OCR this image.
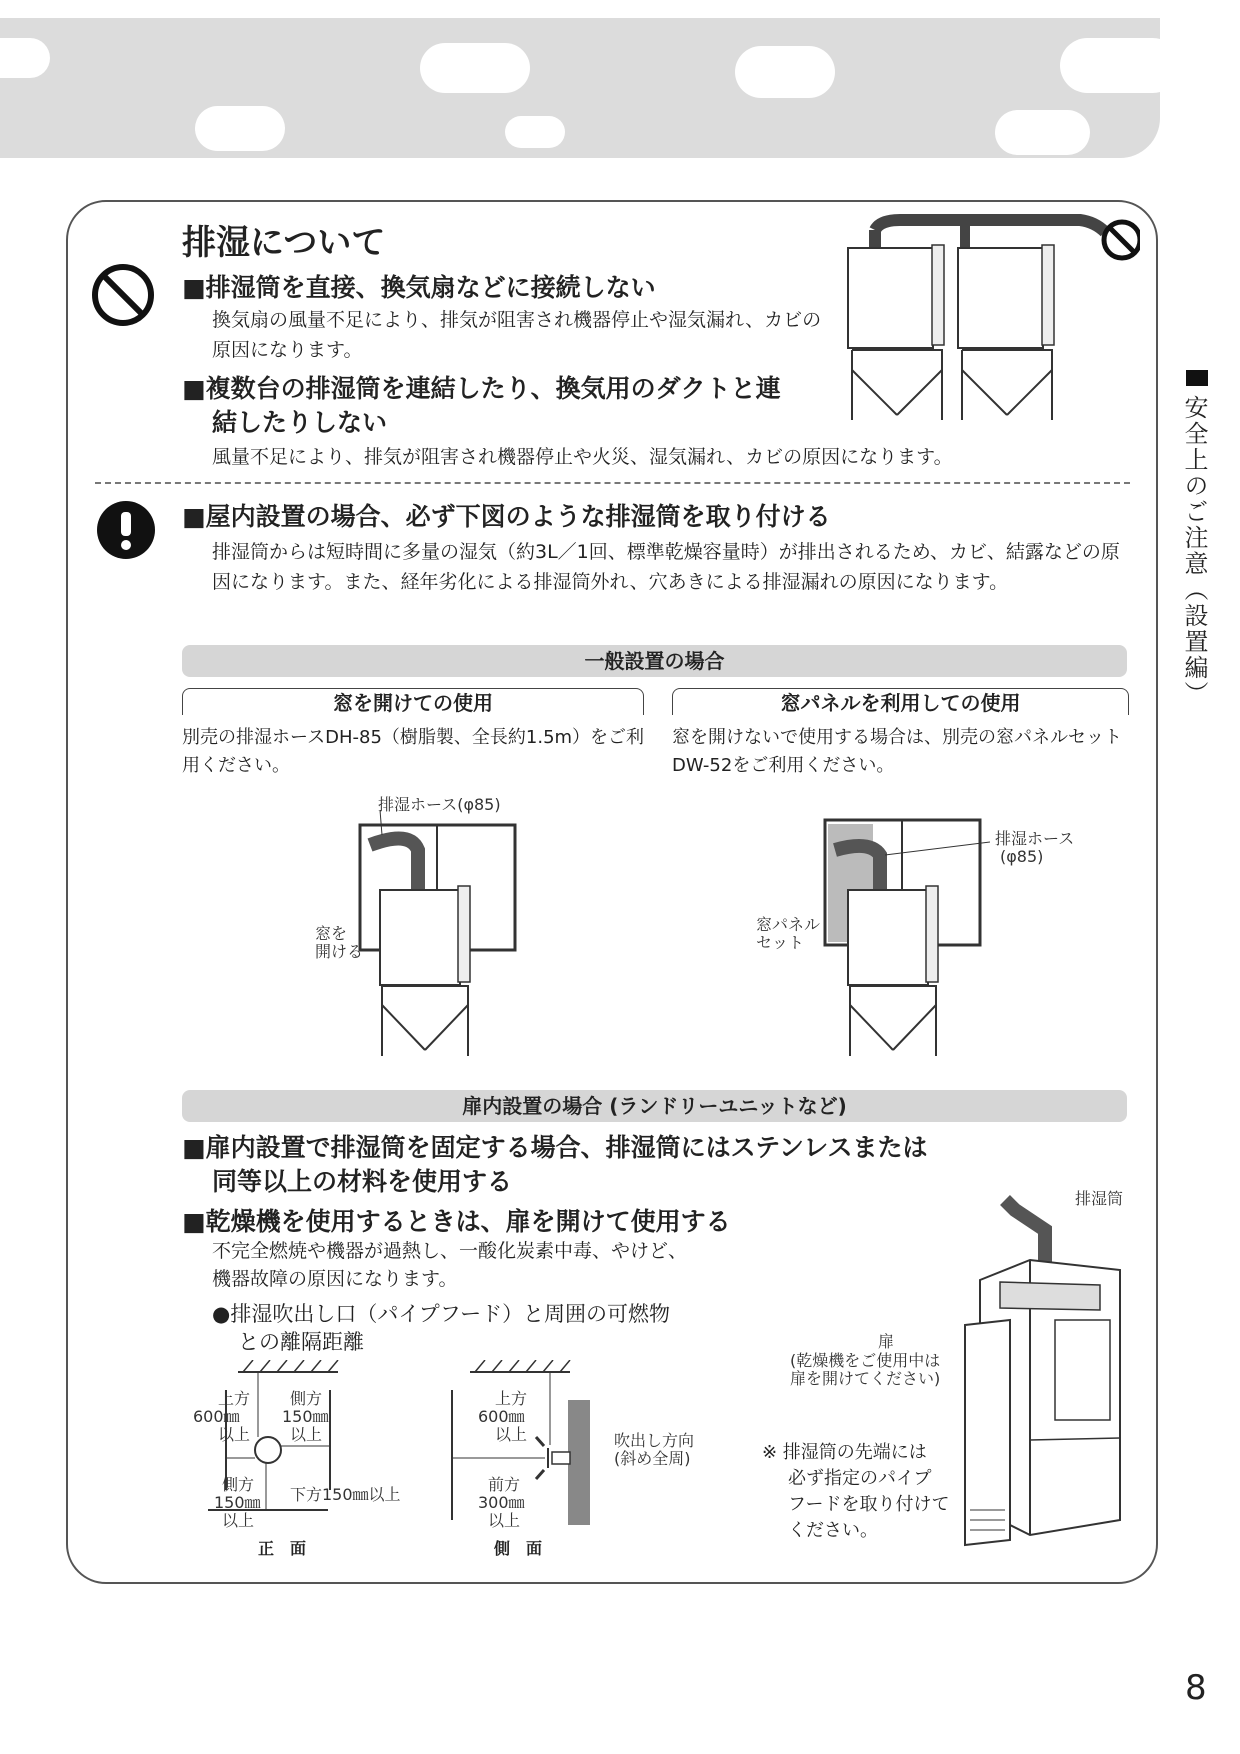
安全上のご注意（設置編）
排湿について
■排湿筒を直接、換気扇などに接続しない
換気扇の風量不足により、排気が阻害され機器停止や湿気漏れ、カビの原因になります。
■複数台の排湿筒を連結したり、換気用のダクトと連
結したりしない
風量不足により、排気が阻害され機器停止や火災、湿気漏れ、カビの原因になります。
■屋内設置の場合、必ず下図のような排湿筒を取り付ける
排湿筒からは短時間に多量の湿気（約3L／1回、標準乾燥容量時）が排出されるため、カビ、結露などの原因になります。また、経年劣化による排湿筒外れ、穴あきによる排湿漏れの原因になります。
一般設置の場合
窓を開けての使用	窓パネルを利用しての使用
別売の排湿ホースDH-85（樹脂製、全長約1.5m）をご利用ください。
窓を開けないで使用する場合は、別売の窓パネルセットDW-52をご利用ください。
排湿ホース(φ85)
窓を
開ける
排湿ホース
(φ85)
窓パネル
セット
扉内設置の場合 (ランドリーユニットなど)
■扉内設置で排湿筒を固定する場合、排湿筒にはステンレスまたは
同等以上の材料を使用する
■乾燥機を使用するときは、扉を開けて使用する
不完全燃焼や機器が過熱し、一酸化炭素中毒、やけど、
機器故障の原因になります。
●排湿吹出し口（パイプフード）と周囲の可燃物
との離隔距離
上方
600㎜
以上
側方
150㎜
以上
側方
150㎜
以上
下方150㎜以上
正　面
上方
600㎜
以上	吹出し方向
(斜め全周)
前方
300㎜
以上
側　面
排湿筒
扉
(乾燥機をご使用中は
扉を開けてください)
※ 排湿筒の先端には
必ず指定のパイプ
フードを取り付けて
ください。
8
